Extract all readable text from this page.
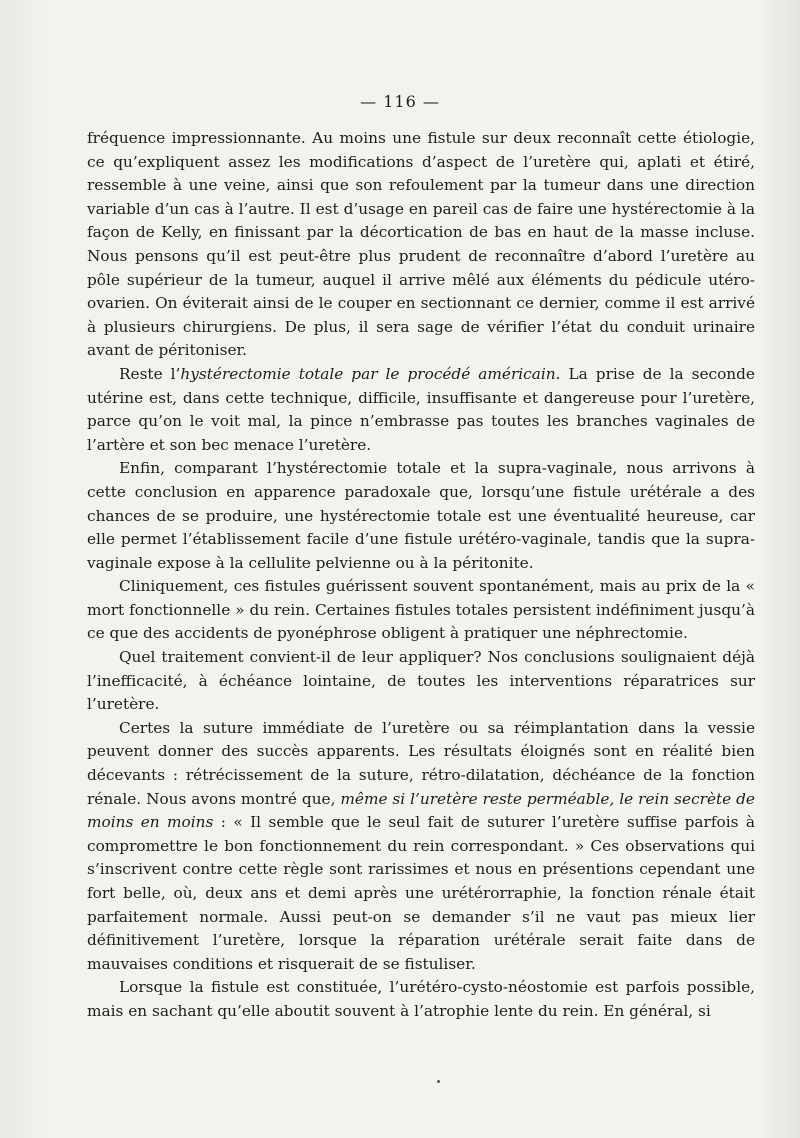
— 116 —

fréquence impressionnante. Au moins une fistule sur deux reconnaît cette étiologie, ce qu’expliquent assez les modifications d’aspect de l’uretère qui, aplati et étiré, ressemble à une veine, ainsi que son refoulement par la tumeur dans une direction variable d’un cas à l’autre. Il est d’usage en pareil cas de faire une hystérectomie à la façon de Kelly, en finissant par la décortication de bas en haut de la masse incluse. Nous pensons qu’il est peut-être plus prudent de reconnaître d’abord l’uretère au pôle supérieur de la tumeur, auquel il arrive mêlé aux éléments du pédicule utéro-ovarien. On éviterait ainsi de le couper en sectionnant ce dernier, comme il est arrivé à plusieurs chirurgiens. De plus, il sera sage de vérifier l’état du conduit urinaire avant de péritoniser.

Reste l’hystérectomie totale par le procédé américain. La prise de la seconde utérine est, dans cette technique, difficile, insuffisante et dangereuse pour l’uretère, parce qu’on le voit mal, la pince n’embrasse pas toutes les branches vaginales de l’artère et son bec menace l’uretère.

Enfin, comparant l’hystérectomie totale et la supra-vaginale, nous arrivons à cette conclusion en apparence paradoxale que, lorsqu’une fistule urétérale a des chances de se produire, une hystérectomie totale est une éventualité heureuse, car elle permet l’établissement facile d’une fistule urétéro-vaginale, tandis que la supra-vaginale expose à la cellulite pelvienne ou à la péritonite.

Cliniquement, ces fistules guérissent souvent spontanément, mais au prix de la « mort fonctionnelle » du rein. Certaines fistules totales persistent indéfiniment jusqu’à ce que des accidents de pyonéphrose obligent à pratiquer une néphrectomie.

Quel traitement convient-il de leur appliquer? Nos conclusions soulignaient déjà l’inefficacité, à échéance lointaine, de toutes les interventions réparatrices sur l’uretère.

Certes la suture immédiate de l’uretère ou sa réimplantation dans la vessie peuvent donner des succès apparents. Les résultats éloignés sont en réalité bien décevants : rétrécissement de la suture, rétro-dilatation, déchéance de la fonction rénale. Nous avons montré que, même si l’uretère reste perméable, le rein secrète de moins en moins : « Il semble que le seul fait de suturer l’uretère suffise parfois à compromettre le bon fonctionnement du rein correspondant. » Ces observations qui s’inscrivent contre cette règle sont rarissimes et nous en présentions cependant une fort belle, où, deux ans et demi après une urétérorraphie, la fonction rénale était parfaitement normale. Aussi peut-on se demander s’il ne vaut pas mieux lier définitivement l’uretère, lorsque la réparation urétérale serait faite dans de mauvaises conditions et risquerait de se fistuliser.

Lorsque la fistule est constituée, l’urétéro-cysto-néostomie est parfois possible, mais en sachant qu’elle aboutit souvent à l’atrophie lente du rein. En général, si
